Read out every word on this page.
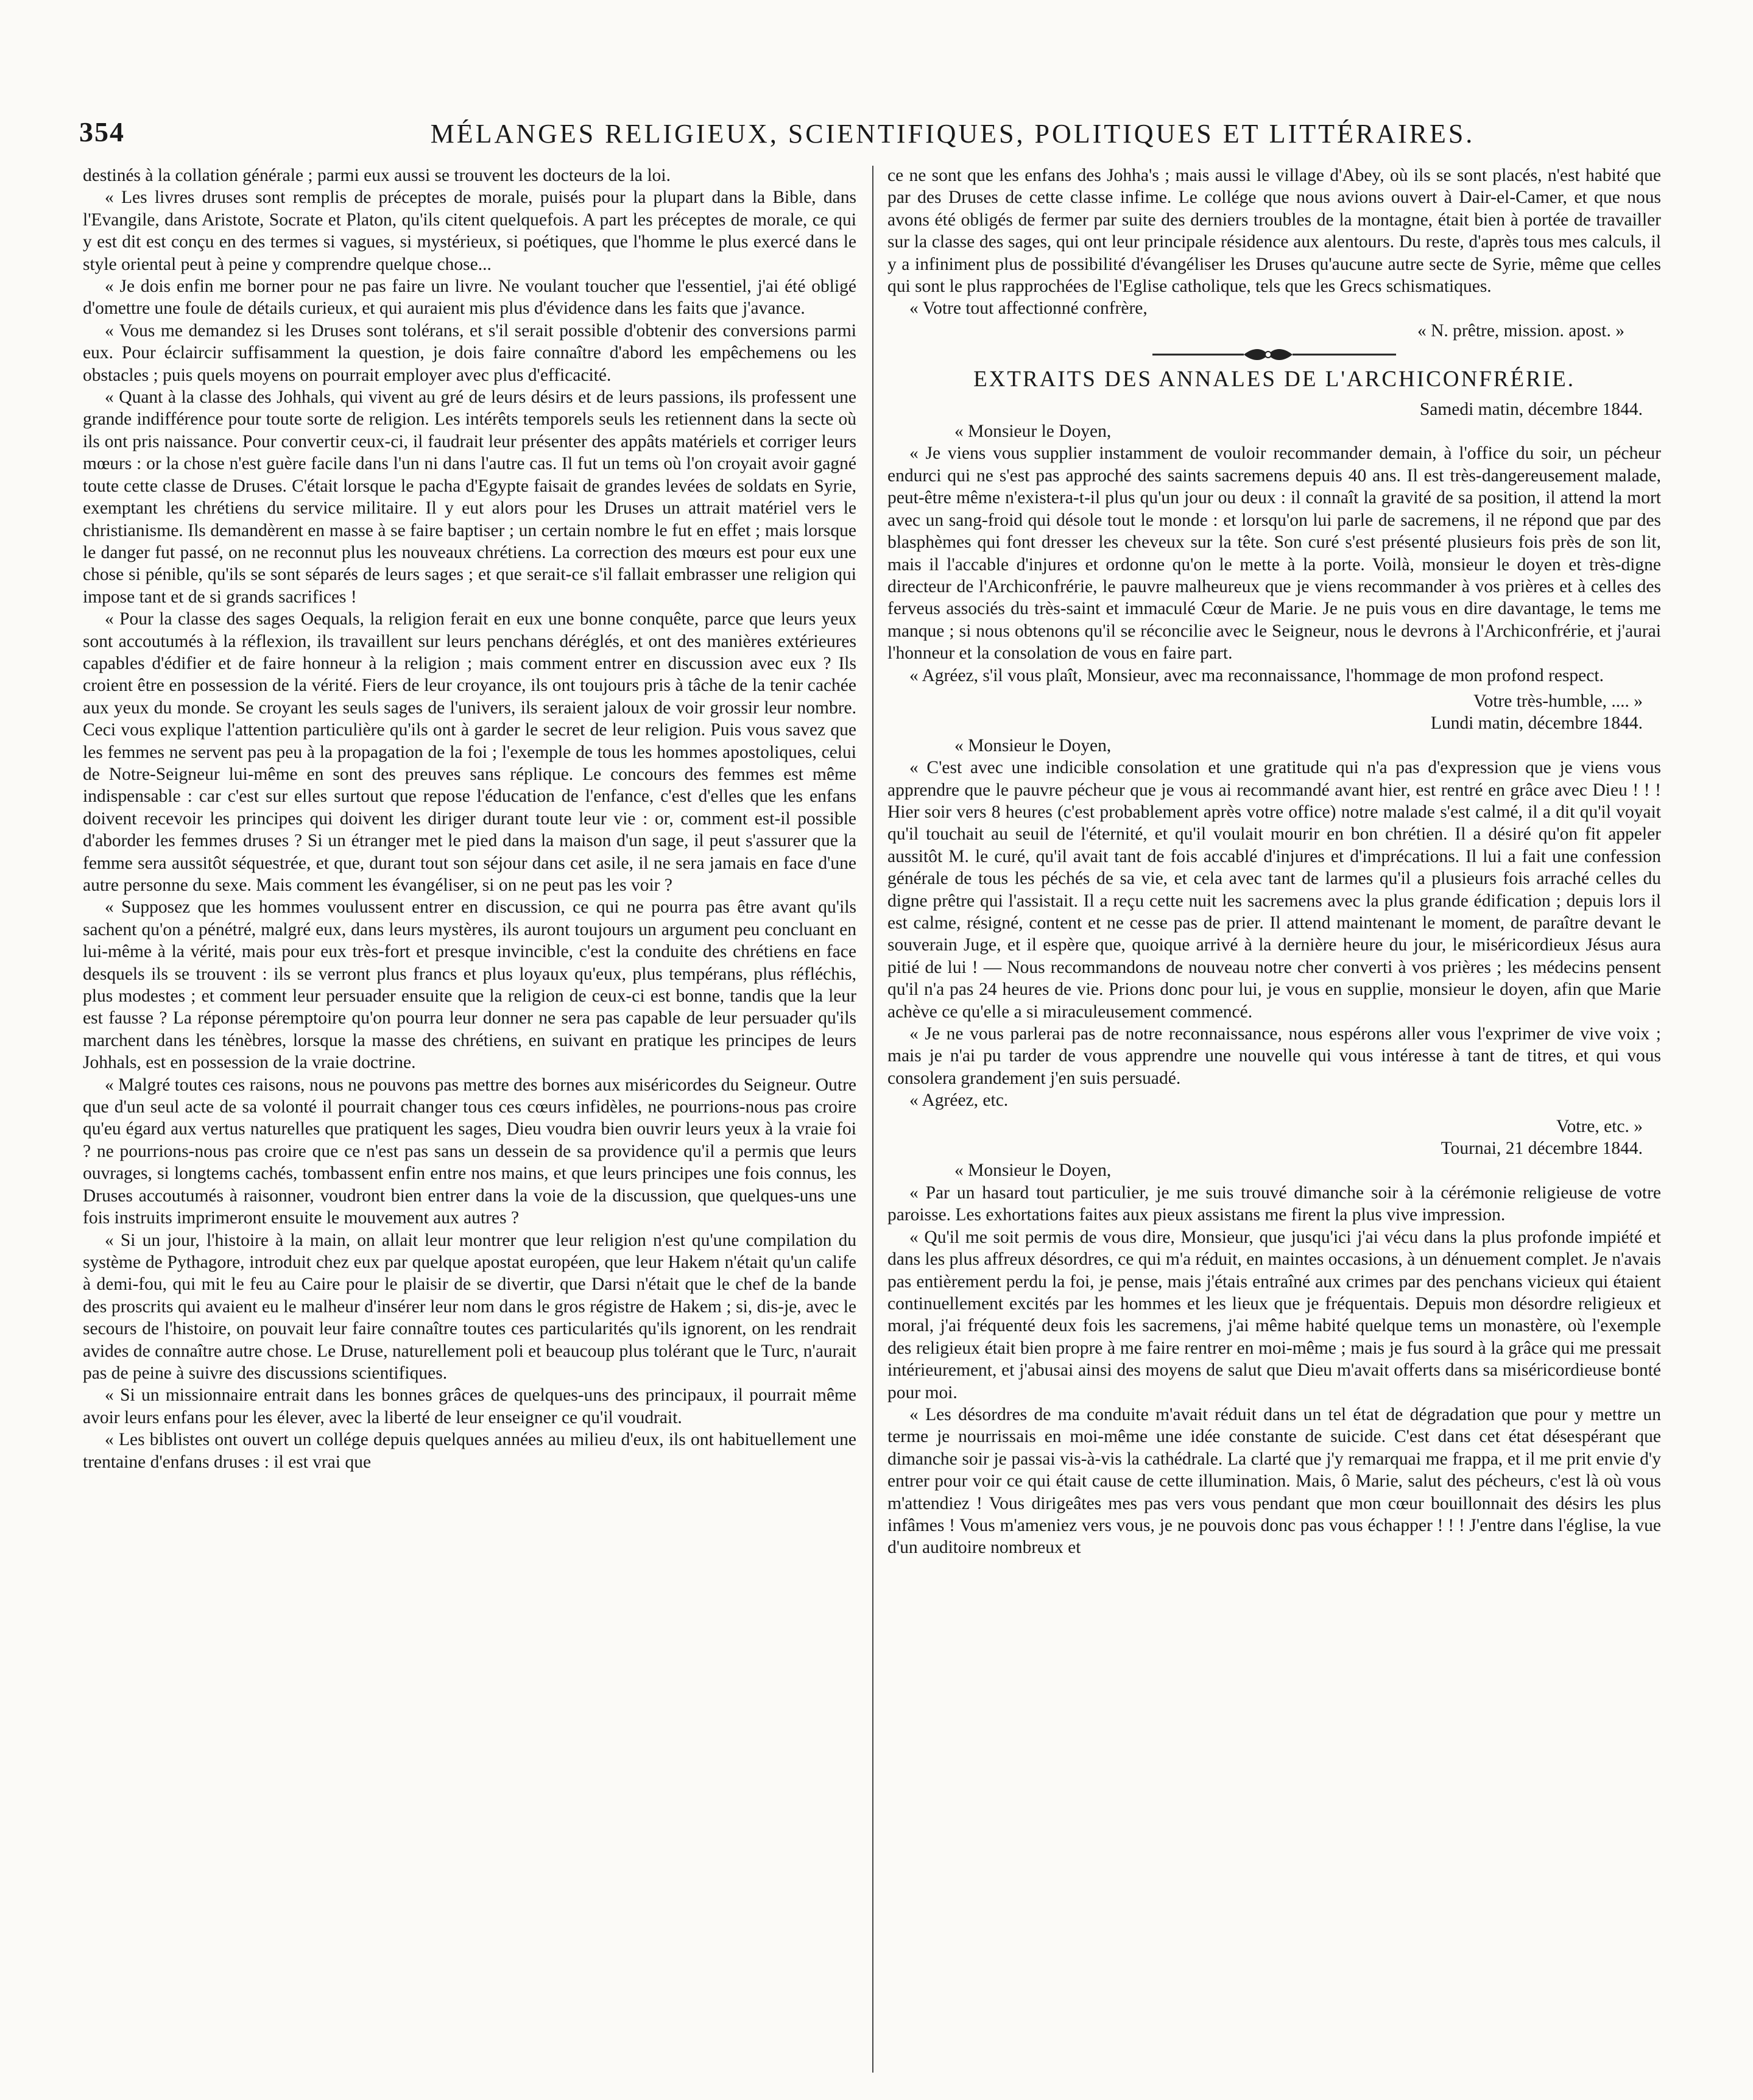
354	MÉLANGES RELIGIEUX, SCIENTIFIQUES, POLITIQUES ET LITTÉRAIRES.

destinés à la collation générale ; parmi eux aussi se trouvent les docteurs de la loi.

« Les livres druses sont remplis de préceptes de morale, puisés pour la plupart dans la Bible, dans l'Evangile, dans Aristote, Socrate et Platon, qu'ils citent quelquefois. A part les préceptes de morale, ce qui y est dit est conçu en des termes si vagues, si mystérieux, si poétiques, que l'homme le plus exercé dans le style oriental peut à peine y comprendre quelque chose...

« Je dois enfin me borner pour ne pas faire un livre. Ne voulant toucher que l'essentiel, j'ai été obligé d'omettre une foule de détails curieux, et qui auraient mis plus d'évidence dans les faits que j'avance.

« Vous me demandez si les Druses sont tolérans, et s'il serait possible d'obtenir des conversions parmi eux. Pour éclaircir suffisamment la question, je dois faire connaître d'abord les empêchemens ou les obstacles ; puis quels moyens on pourrait employer avec plus d'efficacité.

« Quant à la classe des Johhals, qui vivent au gré de leurs désirs et de leurs passions, ils professent une grande indifférence pour toute sorte de religion. Les intérêts temporels seuls les retiennent dans la secte où ils ont pris naissance. Pour convertir ceux-ci, il faudrait leur présenter des appâts matériels et corriger leurs mœurs : or la chose n'est guère facile dans l'un ni dans l'autre cas. Il fut un tems où l'on croyait avoir gagné toute cette classe de Druses. C'était lorsque le pacha d'Egypte faisait de grandes levées de soldats en Syrie, exemptant les chrétiens du service militaire. Il y eut alors pour les Druses un attrait matériel vers le christianisme. Ils demandèrent en masse à se faire baptiser ; un certain nombre le fut en effet ; mais lorsque le danger fut passé, on ne reconnut plus les nouveaux chrétiens. La correction des mœurs est pour eux une chose si pénible, qu'ils se sont séparés de leurs sages ; et que serait-ce s'il fallait embrasser une religion qui impose tant et de si grands sacrifices !

« Pour la classe des sages Oequals, la religion ferait en eux une bonne conquête, parce que leurs yeux sont accoutumés à la réflexion, ils travaillent sur leurs penchans déréglés, et ont des manières extérieures capables d'édifier et de faire honneur à la religion ; mais comment entrer en discussion avec eux ? Ils croient être en possession de la vérité. Fiers de leur croyance, ils ont toujours pris à tâche de la tenir cachée aux yeux du monde. Se croyant les seuls sages de l'univers, ils seraient jaloux de voir grossir leur nombre. Ceci vous explique l'attention particulière qu'ils ont à garder le secret de leur religion. Puis vous savez que les femmes ne servent pas peu à la propagation de la foi ; l'exemple de tous les hommes apostoliques, celui de Notre-Seigneur lui-même en sont des preuves sans réplique. Le concours des femmes est même indispensable : car c'est sur elles surtout que repose l'éducation de l'enfance, c'est d'elles que les enfans doivent recevoir les principes qui doivent les diriger durant toute leur vie : or, comment est-il possible d'aborder les femmes druses ? Si un étranger met le pied dans la maison d'un sage, il peut s'assurer que la femme sera aussitôt séquestrée, et que, durant tout son séjour dans cet asile, il ne sera jamais en face d'une autre personne du sexe. Mais comment les évangéliser, si on ne peut pas les voir ?

« Supposez que les hommes voulussent entrer en discussion, ce qui ne pourra pas être avant qu'ils sachent qu'on a pénétré, malgré eux, dans leurs mystères, ils auront toujours un argument peu concluant en lui-même à la vérité, mais pour eux très-fort et presque invincible, c'est la conduite des chrétiens en face desquels ils se trouvent : ils se verront plus francs et plus loyaux qu'eux, plus tempérans, plus réfléchis, plus modestes ; et comment leur persuader ensuite que la religion de ceux-ci est bonne, tandis que la leur est fausse ? La réponse péremptoire qu'on pourra leur donner ne sera pas capable de leur persuader qu'ils marchent dans les ténèbres, lorsque la masse des chrétiens, en suivant en pratique les principes de leurs Johhals, est en possession de la vraie doctrine.

« Malgré toutes ces raisons, nous ne pouvons pas mettre des bornes aux miséricordes du Seigneur. Outre que d'un seul acte de sa volonté il pourrait changer tous ces cœurs infidèles, ne pourrions-nous pas croire qu'eu égard aux vertus naturelles que pratiquent les sages, Dieu voudra bien ouvrir leurs yeux à la vraie foi ? ne pourrions-nous pas croire que ce n'est pas sans un dessein de sa providence qu'il a permis que leurs ouvrages, si longtems cachés, tombassent enfin entre nos mains, et que leurs principes une fois connus, les Druses accoutumés à raisonner, voudront bien entrer dans la voie de la discussion, que quelques-uns une fois instruits imprimeront ensuite le mouvement aux autres ?

« Si un jour, l'histoire à la main, on allait leur montrer que leur religion n'est qu'une compilation du système de Pythagore, introduit chez eux par quelque apostat européen, que leur Hakem n'était qu'un calife à demi-fou, qui mit le feu au Caire pour le plaisir de se divertir, que Darsi n'était que le chef de la bande des proscrits qui avaient eu le malheur d'insérer leur nom dans le gros régistre de Hakem ; si, dis-je, avec le secours de l'histoire, on pouvait leur faire connaître toutes ces particularités qu'ils ignorent, on les rendrait avides de connaître autre chose. Le Druse, naturellement poli et beaucoup plus tolérant que le Turc, n'aurait pas de peine à suivre des discussions scientifiques.

« Si un missionnaire entrait dans les bonnes grâces de quelques-uns des principaux, il pourrait même avoir leurs enfans pour les élever, avec la liberté de leur enseigner ce qu'il voudrait.

« Les biblistes ont ouvert un collége depuis quelques années au milieu d'eux, ils ont habituellement une trentaine d'enfans druses : il est vrai que

ce ne sont que les enfans des Johha's ; mais aussi le village d'Abey, où ils se sont placés, n'est habité que par des Druses de cette classe infime. Le collége que nous avions ouvert à Dair-el-Camer, et que nous avons été obligés de fermer par suite des derniers troubles de la montagne, était bien à portée de travailler sur la classe des sages, qui ont leur principale résidence aux alentours. Du reste, d'après tous mes calculs, il y a infiniment plus de possibilité d'évangéliser les Druses qu'aucune autre secte de Syrie, même que celles qui sont le plus rapprochées de l'Eglise catholique, tels que les Grecs schismatiques.

« Votre tout affectionné confrère,

« N. prêtre, mission. apost. »

EXTRAITS DES ANNALES DE L'ARCHICONFRÉRIE.

Samedi matin, décembre 1844.

« Monsieur le Doyen,

« Je viens vous supplier instamment de vouloir recommander demain, à l'office du soir, un pécheur endurci qui ne s'est pas approché des saints sacremens depuis 40 ans. Il est très-dangereusement malade, peut-être même n'existera-t-il plus qu'un jour ou deux : il connaît la gravité de sa position, il attend la mort avec un sang-froid qui désole tout le monde : et lorsqu'on lui parle de sacremens, il ne répond que par des blasphèmes qui font dresser les cheveux sur la tête. Son curé s'est présenté plusieurs fois près de son lit, mais il l'accable d'injures et ordonne qu'on le mette à la porte. Voilà, monsieur le doyen et très-digne directeur de l'Archiconfrérie, le pauvre malheureux que je viens recommander à vos prières et à celles des ferveus associés du très-saint et immaculé Cœur de Marie. Je ne puis vous en dire davantage, le tems me manque ; si nous obtenons qu'il se réconcilie avec le Seigneur, nous le devrons à l'Archiconfrérie, et j'aurai l'honneur et la consolation de vous en faire part.

« Agréez, s'il vous plaît, Monsieur, avec ma reconnaissance, l'hommage de mon profond respect.

Votre très-humble, .... »

Lundi matin, décembre 1844.

« Monsieur le Doyen,

« C'est avec une indicible consolation et une gratitude qui n'a pas d'expression que je viens vous apprendre que le pauvre pécheur que je vous ai recommandé avant hier, est rentré en grâce avec Dieu ! ! ! Hier soir vers 8 heures (c'est probablement après votre office) notre malade s'est calmé, il a dit qu'il voyait qu'il touchait au seuil de l'éternité, et qu'il voulait mourir en bon chrétien. Il a désiré qu'on fit appeler aussitôt M. le curé, qu'il avait tant de fois accablé d'injures et d'imprécations. Il lui a fait une confession générale de tous les péchés de sa vie, et cela avec tant de larmes qu'il a plusieurs fois arraché celles du digne prêtre qui l'assistait. Il a reçu cette nuit les sacremens avec la plus grande édification ; depuis lors il est calme, résigné, content et ne cesse pas de prier. Il attend maintenant le moment, de paraître devant le souverain Juge, et il espère que, quoique arrivé à la dernière heure du jour, le miséricordieux Jésus aura pitié de lui ! — Nous recommandons de nouveau notre cher converti à vos prières ; les médecins pensent qu'il n'a pas 24 heures de vie. Prions donc pour lui, je vous en supplie, monsieur le doyen, afin que Marie achève ce qu'elle a si miraculeusement commencé.

« Je ne vous parlerai pas de notre reconnaissance, nous espérons aller vous l'exprimer de vive voix ; mais je n'ai pu tarder de vous apprendre une nouvelle qui vous intéresse à tant de titres, et qui vous consolera grandement j'en suis persuadé.

« Agréez, etc.

Votre, etc. »

Tournai, 21 décembre 1844.

« Monsieur le Doyen,

« Par un hasard tout particulier, je me suis trouvé dimanche soir à la cérémonie religieuse de votre paroisse. Les exhortations faites aux pieux assistans me firent la plus vive impression.

« Qu'il me soit permis de vous dire, Monsieur, que jusqu'ici j'ai vécu dans la plus profonde impiété et dans les plus affreux désordres, ce qui m'a réduit, en maintes occasions, à un dénuement complet. Je n'avais pas entièrement perdu la foi, je pense, mais j'étais entraîné aux crimes par des penchans vicieux qui étaient continuellement excités par les hommes et les lieux que je fréquentais. Depuis mon désordre religieux et moral, j'ai fréquenté deux fois les sacremens, j'ai même habité quelque tems un monastère, où l'exemple des religieux était bien propre à me faire rentrer en moi-même ; mais je fus sourd à la grâce qui me pressait intérieurement, et j'abusai ainsi des moyens de salut que Dieu m'avait offerts dans sa miséricordieuse bonté pour moi.

« Les désordres de ma conduite m'avait réduit dans un tel état de dégradation que pour y mettre un terme je nourrissais en moi-même une idée constante de suicide. C'est dans cet état désespérant que dimanche soir je passai vis-à-vis la cathédrale. La clarté que j'y remarquai me frappa, et il me prit envie d'y entrer pour voir ce qui était cause de cette illumination. Mais, ô Marie, salut des pécheurs, c'est là où vous m'attendiez ! Vous dirigeâtes mes pas vers vous pendant que mon cœur bouillonnait des désirs les plus infâmes ! Vous m'ameniez vers vous, je ne pouvois donc pas vous échapper ! ! ! J'entre dans l'église, la vue d'un auditoire nombreux et
